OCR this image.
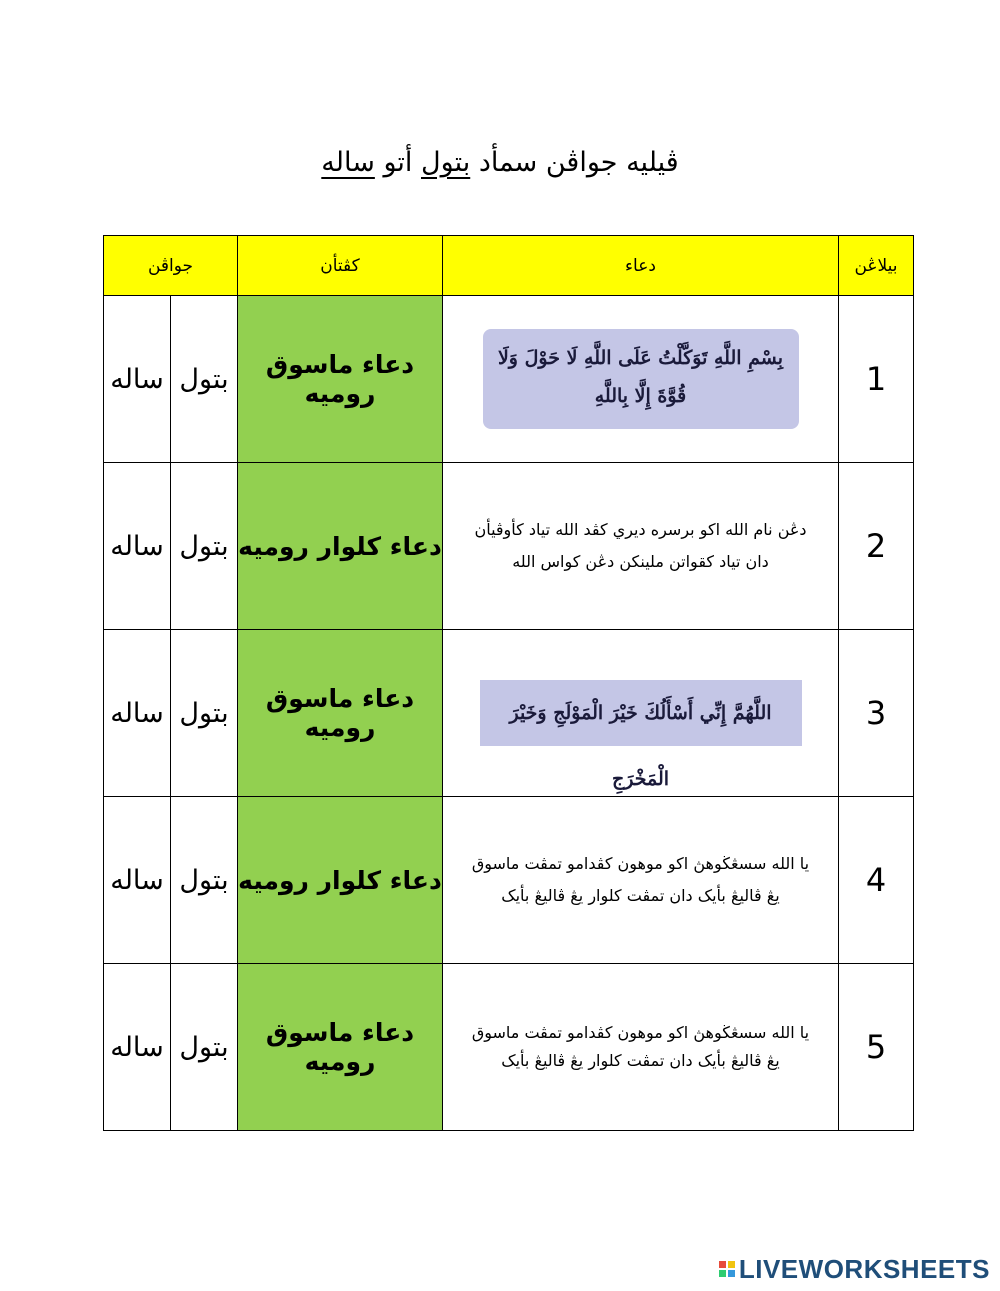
ڤيليه جواڤن سمأد بتول أتو ساله
جواڤن		کڤتأن	دعاء	بيلاڠن
ساله	بتول	دعاء ماسوق روميه	بِسْمِ اللَّهِ تَوَكَّلْتُ عَلَى اللَّهِ لَا حَوْلَ وَلَا قُوَّةَ إِلَّا بِاللَّهِ	1
ساله	بتول	دعاء کلوار روميه	دڠن نام الله اکو برسره ديري کڤد الله تياد کأوڤيأن دان تياد کقواتن ملينکن دڠن کواس الله	2
ساله	بتول	دعاء ماسوق روميه	اللَّهُمَّ إِنِّي أَسْأَلُكَ خَيْرَ الْمَوْلَجِ وَخَيْرَ الْمَخْرَجِ	3
ساله	بتول	دعاء کلوار روميه	يا الله سسڠڬوهڽ اکو موهون کڤدامو تمڤت ماسوق يڠ ڤاليڠ بأيک دان تمڤت کلوار يڠ ڤاليڠ بأيک	4
ساله	بتول	دعاء ماسوق روميه	يا الله سسڠڬوهڽ اکو موهون کڤدامو تمڤت ماسوق يڠ ڤاليڠ بأيک دان تمڤت کلوار يڠ ڤاليڠ بأيک	5
LIVEWORKSHEETS
